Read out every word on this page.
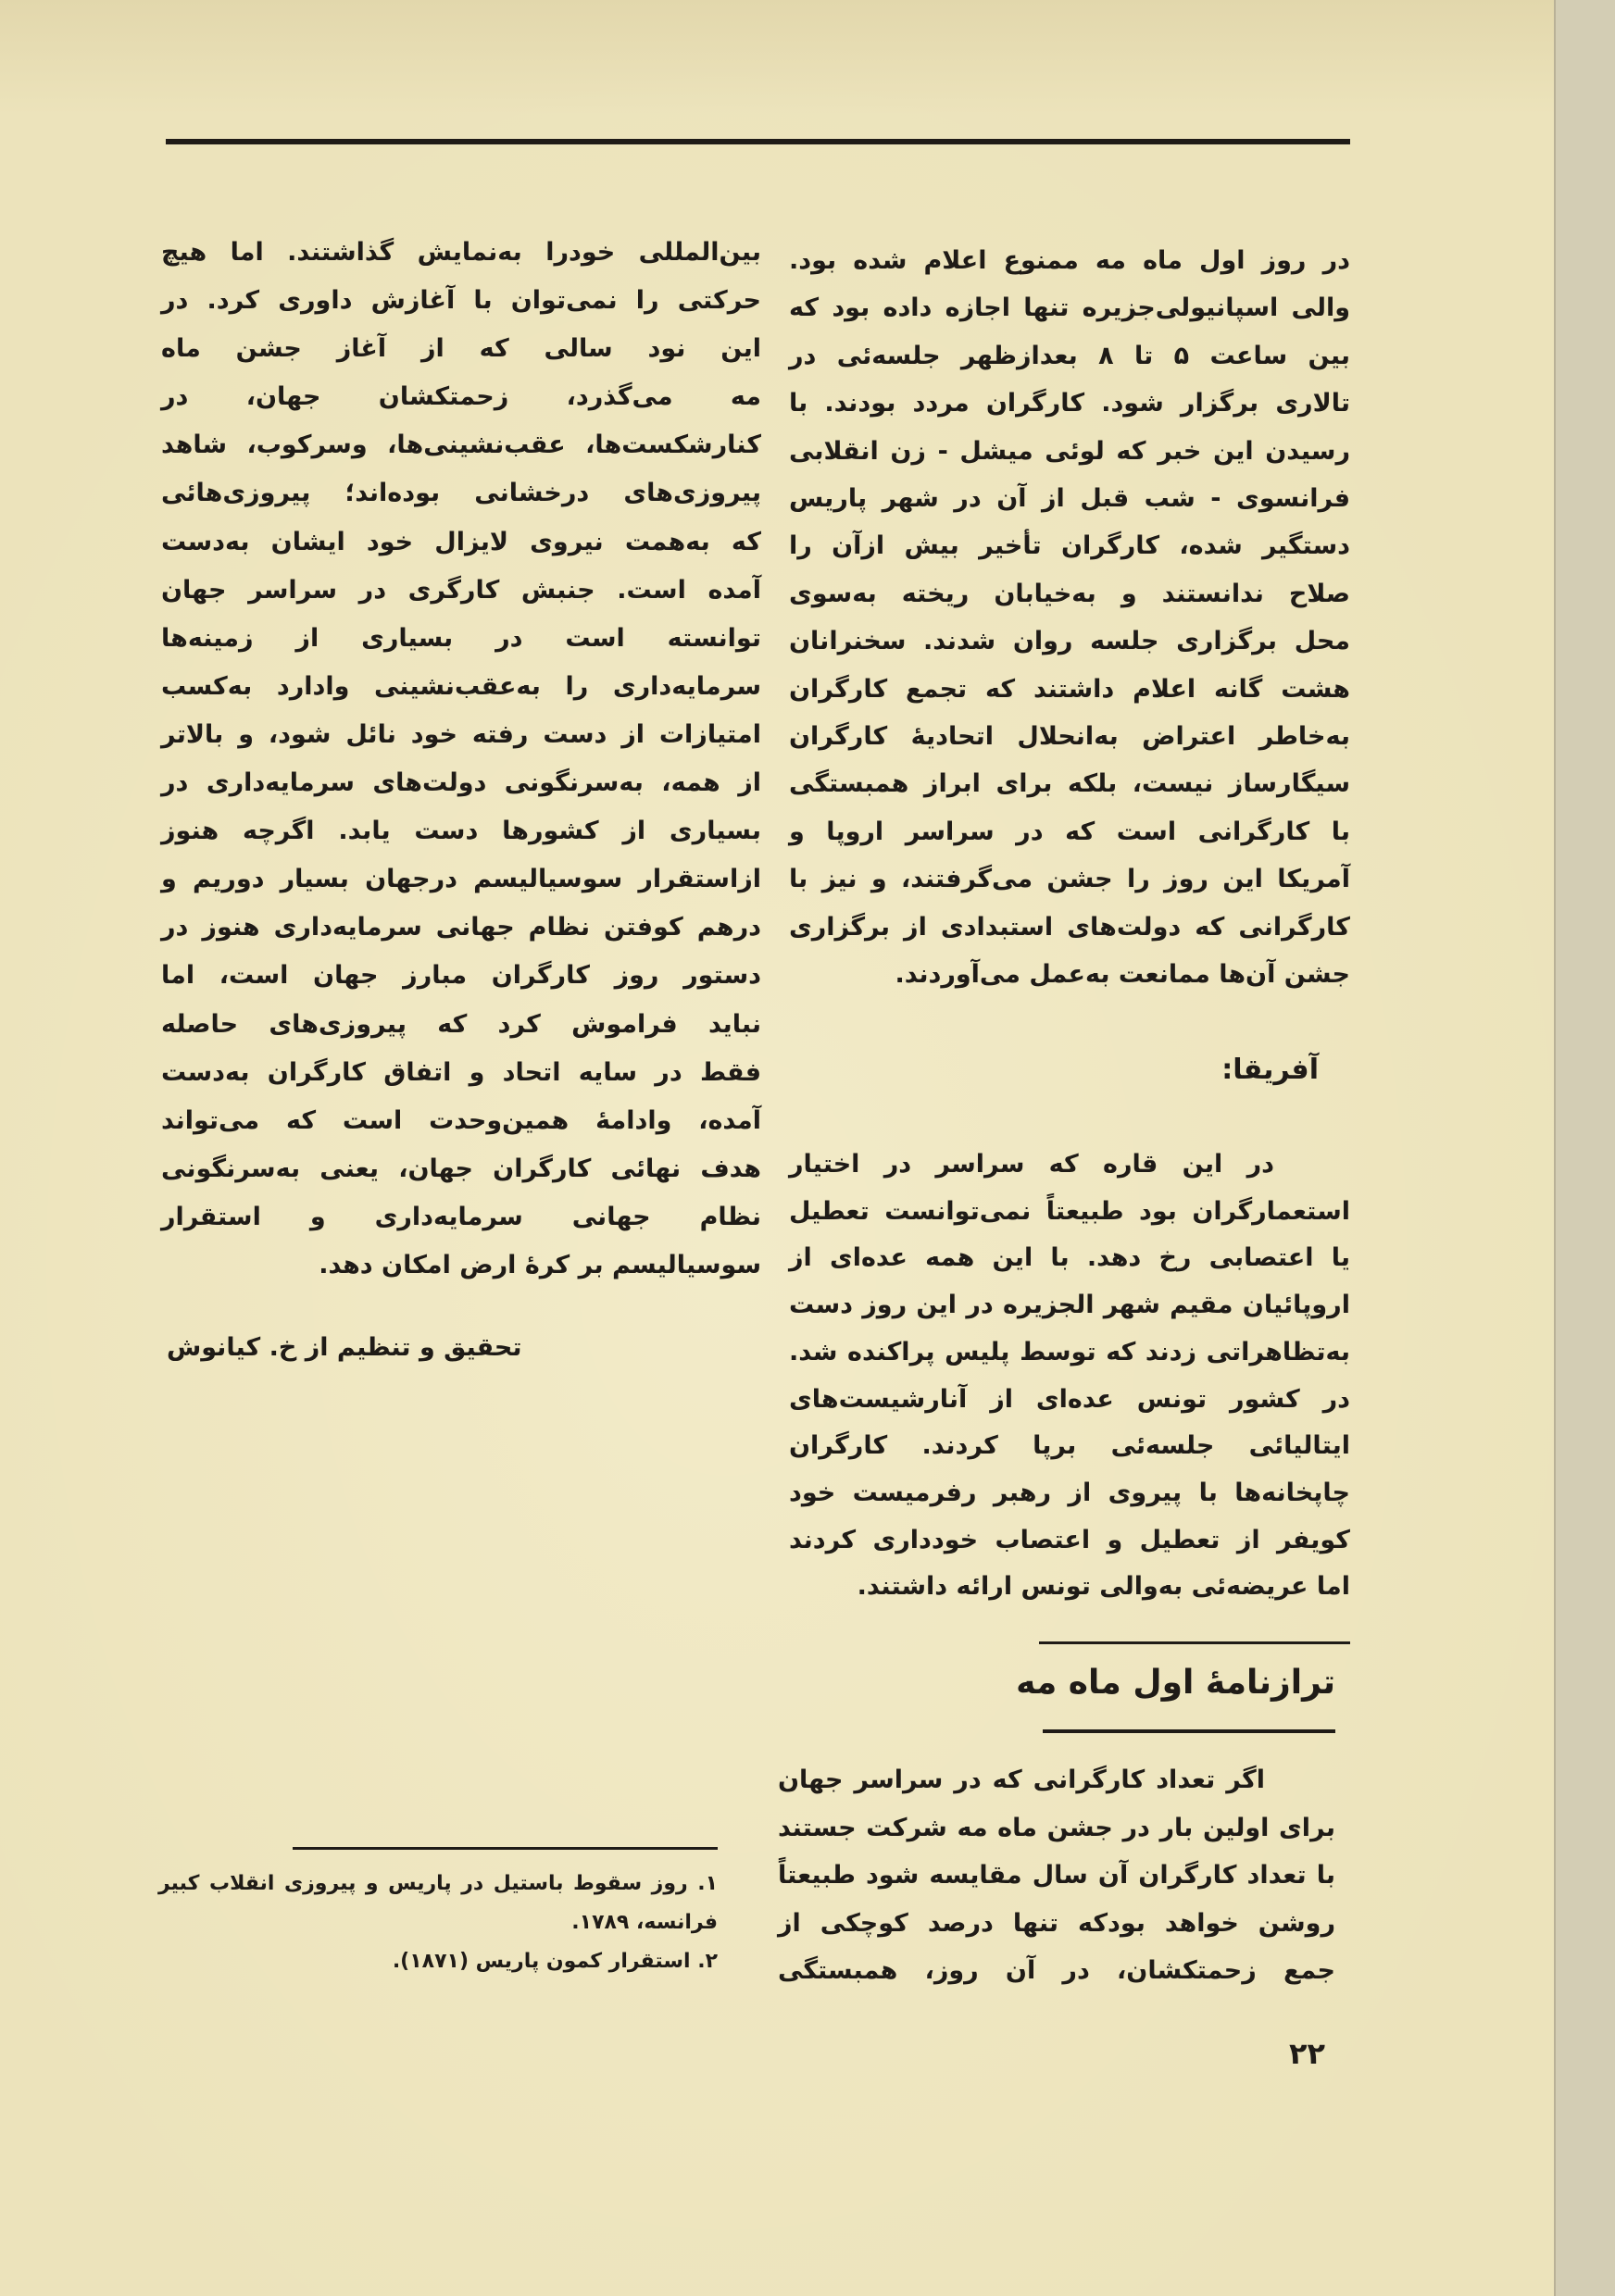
در روز اول ماه مه ممنوع اعلام شده بود.
والی اسپانیولی‌جزیره تنها اجازه داده بود که
بین ساعت ۵ تا ۸ بعدازظهر جلسه‌ئی در
تالاری برگزار شود. کارگران مردد بودند. با
رسیدن این خبر که لوئی میشل - زن انقلابی
فرانسوی - شب قبل از آن در شهر پاریس
دستگیر شده، کارگران تأخیر بیش ازآن را
صلاح ندانستند و به‌خیابان ریخته به‌سوی
محل برگزاری جلسه روان شدند. سخنرانان
هشت گانه اعلام داشتند که تجمع کارگران
به‌خاطر اعتراض به‌انحلال اتحادیهٔ کارگران
سیگارساز نیست، بلکه برای ابراز همبستگی
با کارگرانی است که در سراسر اروپا و
آمریکا این روز را جشن می‌گرفتند، و نیز با
کارگرانی که دولت‌های استبدادی از برگزاری
جشن آن‌ها ممانعت به‌عمل می‌آوردند.
آفریقا:
در این قاره که سراسر در اختیار
استعمارگران بود طبیعتاً نمی‌توانست تعطیل
یا اعتصابی رخ دهد. با این همه عده‌ای از
اروپائیان مقیم شهر الجزیره در این روز دست
به‌تظاهراتی زدند که توسط پلیس پراکنده شد.
در کشور تونس عده‌ای از آنارشیست‌های
ایتالیائی جلسه‌ئی برپا کردند. کارگران
چاپخانه‌ها با پیروی از رهبر رفرمیست خود
کویفر از تعطیل و اعتصاب خودداری کردند
اما عریضه‌ئی به‌والی تونس ارائه داشتند.
ترازنامهٔ اول ماه مه
اگر تعداد کارگرانی که در سراسر جهان
برای اولین بار در جشن ماه مه شرکت جستند
با تعداد کارگران آن سال مقایسه شود طبیعتاً
روشن خواهد بودکه تنها درصد کوچکی از
جمع زحمتکشان، در آن روز، همبستگی
بین‌المللی خودرا به‌نمایش گذاشتند. اما هیچ
حرکتی را نمی‌توان با آغازش داوری کرد. در
این نود سالی که از آغاز جشن ماه
مه می‌گذرد، زحمتکشان جهان، در
کنارشکست‌ها، عقب‌نشینی‌ها، وسرکوب، شاهد
پیروزی‌های درخشانی بوده‌اند؛ پیروزی‌هائی
که به‌همت نیروی لایزال خود ایشان به‌دست
آمده است. جنبش کارگری در سراسر جهان
توانسته است در بسیاری از زمینه‌ها
سرمایه‌داری را به‌عقب‌نشینی وادارد به‌کسب
امتیازات از دست رفته خود نائل شود، و بالاتر
از همه، به‌سرنگونی دولت‌های سرمایه‌داری در
بسیاری از کشورها دست یابد. اگرچه هنوز
ازاستقرار سوسیالیسم درجهان بسیار دوریم و
درهم کوفتن نظام جهانی سرمایه‌داری هنوز در
دستور روز کارگران مبارز جهان است، اما
نباید فراموش کرد که پیروزی‌های حاصله
فقط در سایه اتحاد و اتفاق کارگران به‌دست
آمده، وادامهٔ همین‌وحدت است که می‌تواند
هدف نهائی کارگران جهان، یعنی به‌سرنگونی
نظام جهانی سرمایه‌داری و استقرار
سوسیالیسم بر کرهٔ ارض امکان دهد.
تحقیق و تنظیم از خ. کیانوش
۱. روز سقوط باستیل در پاریس و پیروزی انقلاب کبیر
فرانسه، ۱۷۸۹.
۲. استقرار کمون پاریس (۱۸۷۱).
۲۲
